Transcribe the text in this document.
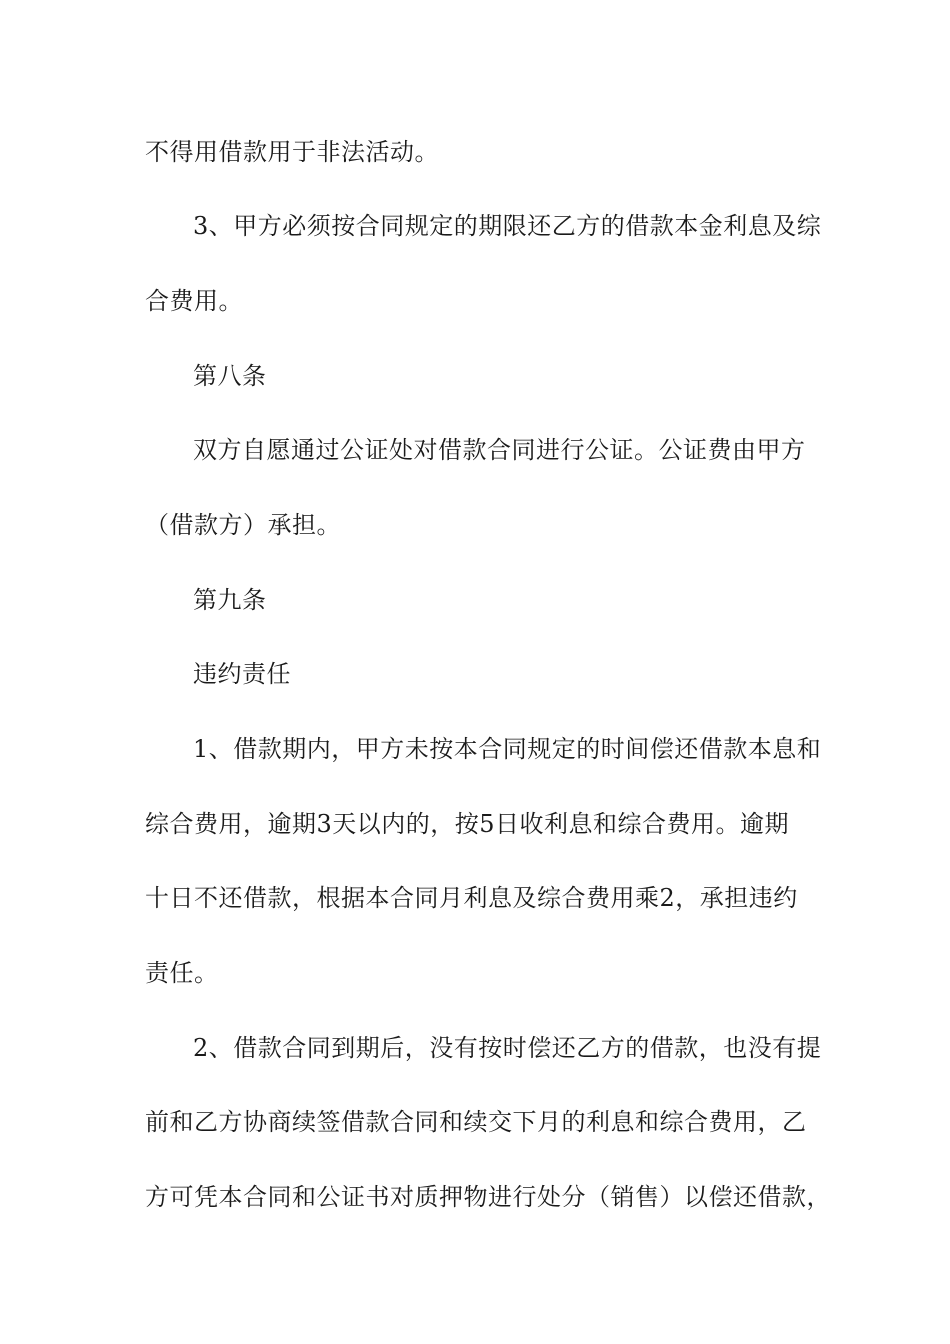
不得用借款用于非法活动。
3、甲方必须按合同规定的期限还乙方的借款本金利息及综
合费用。
第八条
双方自愿通过公证处对借款合同进行公证。公证费由甲方
（借款方）承担。
第九条
违约责任
1、借款期内，甲方未按本合同规定的时间偿还借款本息和
综合费用，逾期3天以内的，按5日收利息和综合费用。逾期
十日不还借款，根据本合同月利息及综合费用乘2，承担违约
责任。
2、借款合同到期后，没有按时偿还乙方的借款，也没有提
前和乙方协商续签借款合同和续交下月的利息和综合费用，乙
方可凭本合同和公证书对质押物进行处分（销售）以偿还借款，
